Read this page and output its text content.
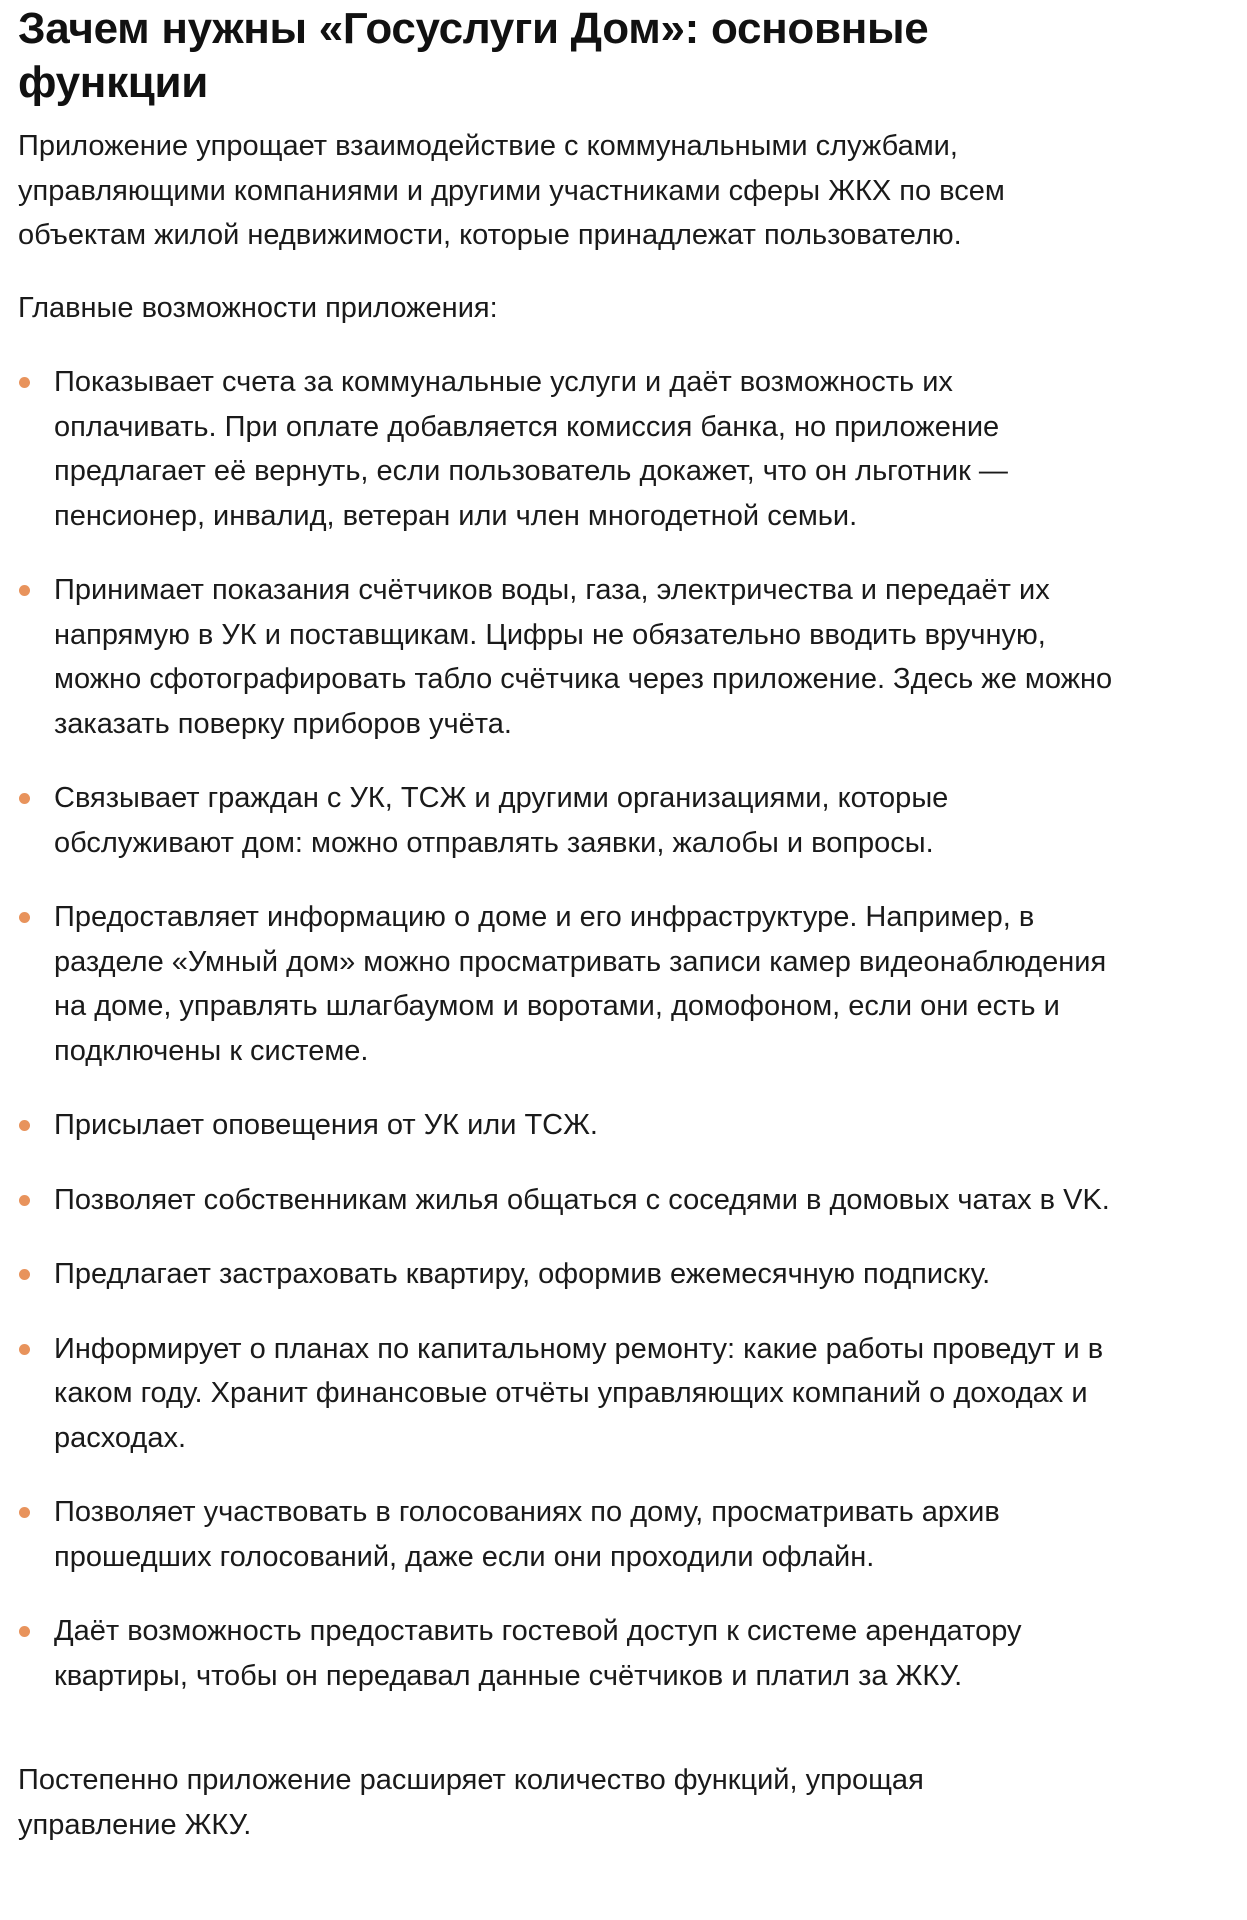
Зачем нужны «Госуслуги Дом»: основные функции

Приложение упрощает взаимодействие с коммунальными службами, управляющими компаниями и другими участниками сферы ЖКХ по всем объектам жилой недвижимости, которые принадлежат пользователю.

Главные возможности приложения:

Показывает счета за коммунальные услуги и даёт возможность их оплачивать. При оплате добавляется комиссия банка, но приложение предлагает её вернуть, если пользователь докажет, что он льготник — пенсионер, инвалид, ветеран или член многодетной семьи.
Принимает показания счётчиков воды, газа, электричества и передаёт их напрямую в УК и поставщикам. Цифры не обязательно вводить вручную, можно сфотографировать табло счётчика через приложение. Здесь же можно заказать поверку приборов учёта.
Связывает граждан с УК, ТСЖ и другими организациями, которые обслуживают дом: можно отправлять заявки, жалобы и вопросы.
Предоставляет информацию о доме и его инфраструктуре. Например, в разделе «Умный дом» можно просматривать записи камер видеонаблюдения на доме, управлять шлагбаумом и воротами, домофоном, если они есть и подключены к системе.
Присылает оповещения от УК или ТСЖ.
Позволяет собственникам жилья общаться с соседями в домовых чатах в VK.
Предлагает застраховать квартиру, оформив ежемесячную подписку.
Информирует о планах по капитальному ремонту: какие работы проведут и в каком году. Хранит финансовые отчёты управляющих компаний о доходах и расходах.
Позволяет участвовать в голосованиях по дому, просматривать архив прошедших голосований, даже если они проходили офлайн.
Даёт возможность предоставить гостевой доступ к системе арендатору квартиры, чтобы он передавал данные счётчиков и платил за ЖКУ.

Постепенно приложение расширяет количество функций, упрощая управление ЖКУ.
